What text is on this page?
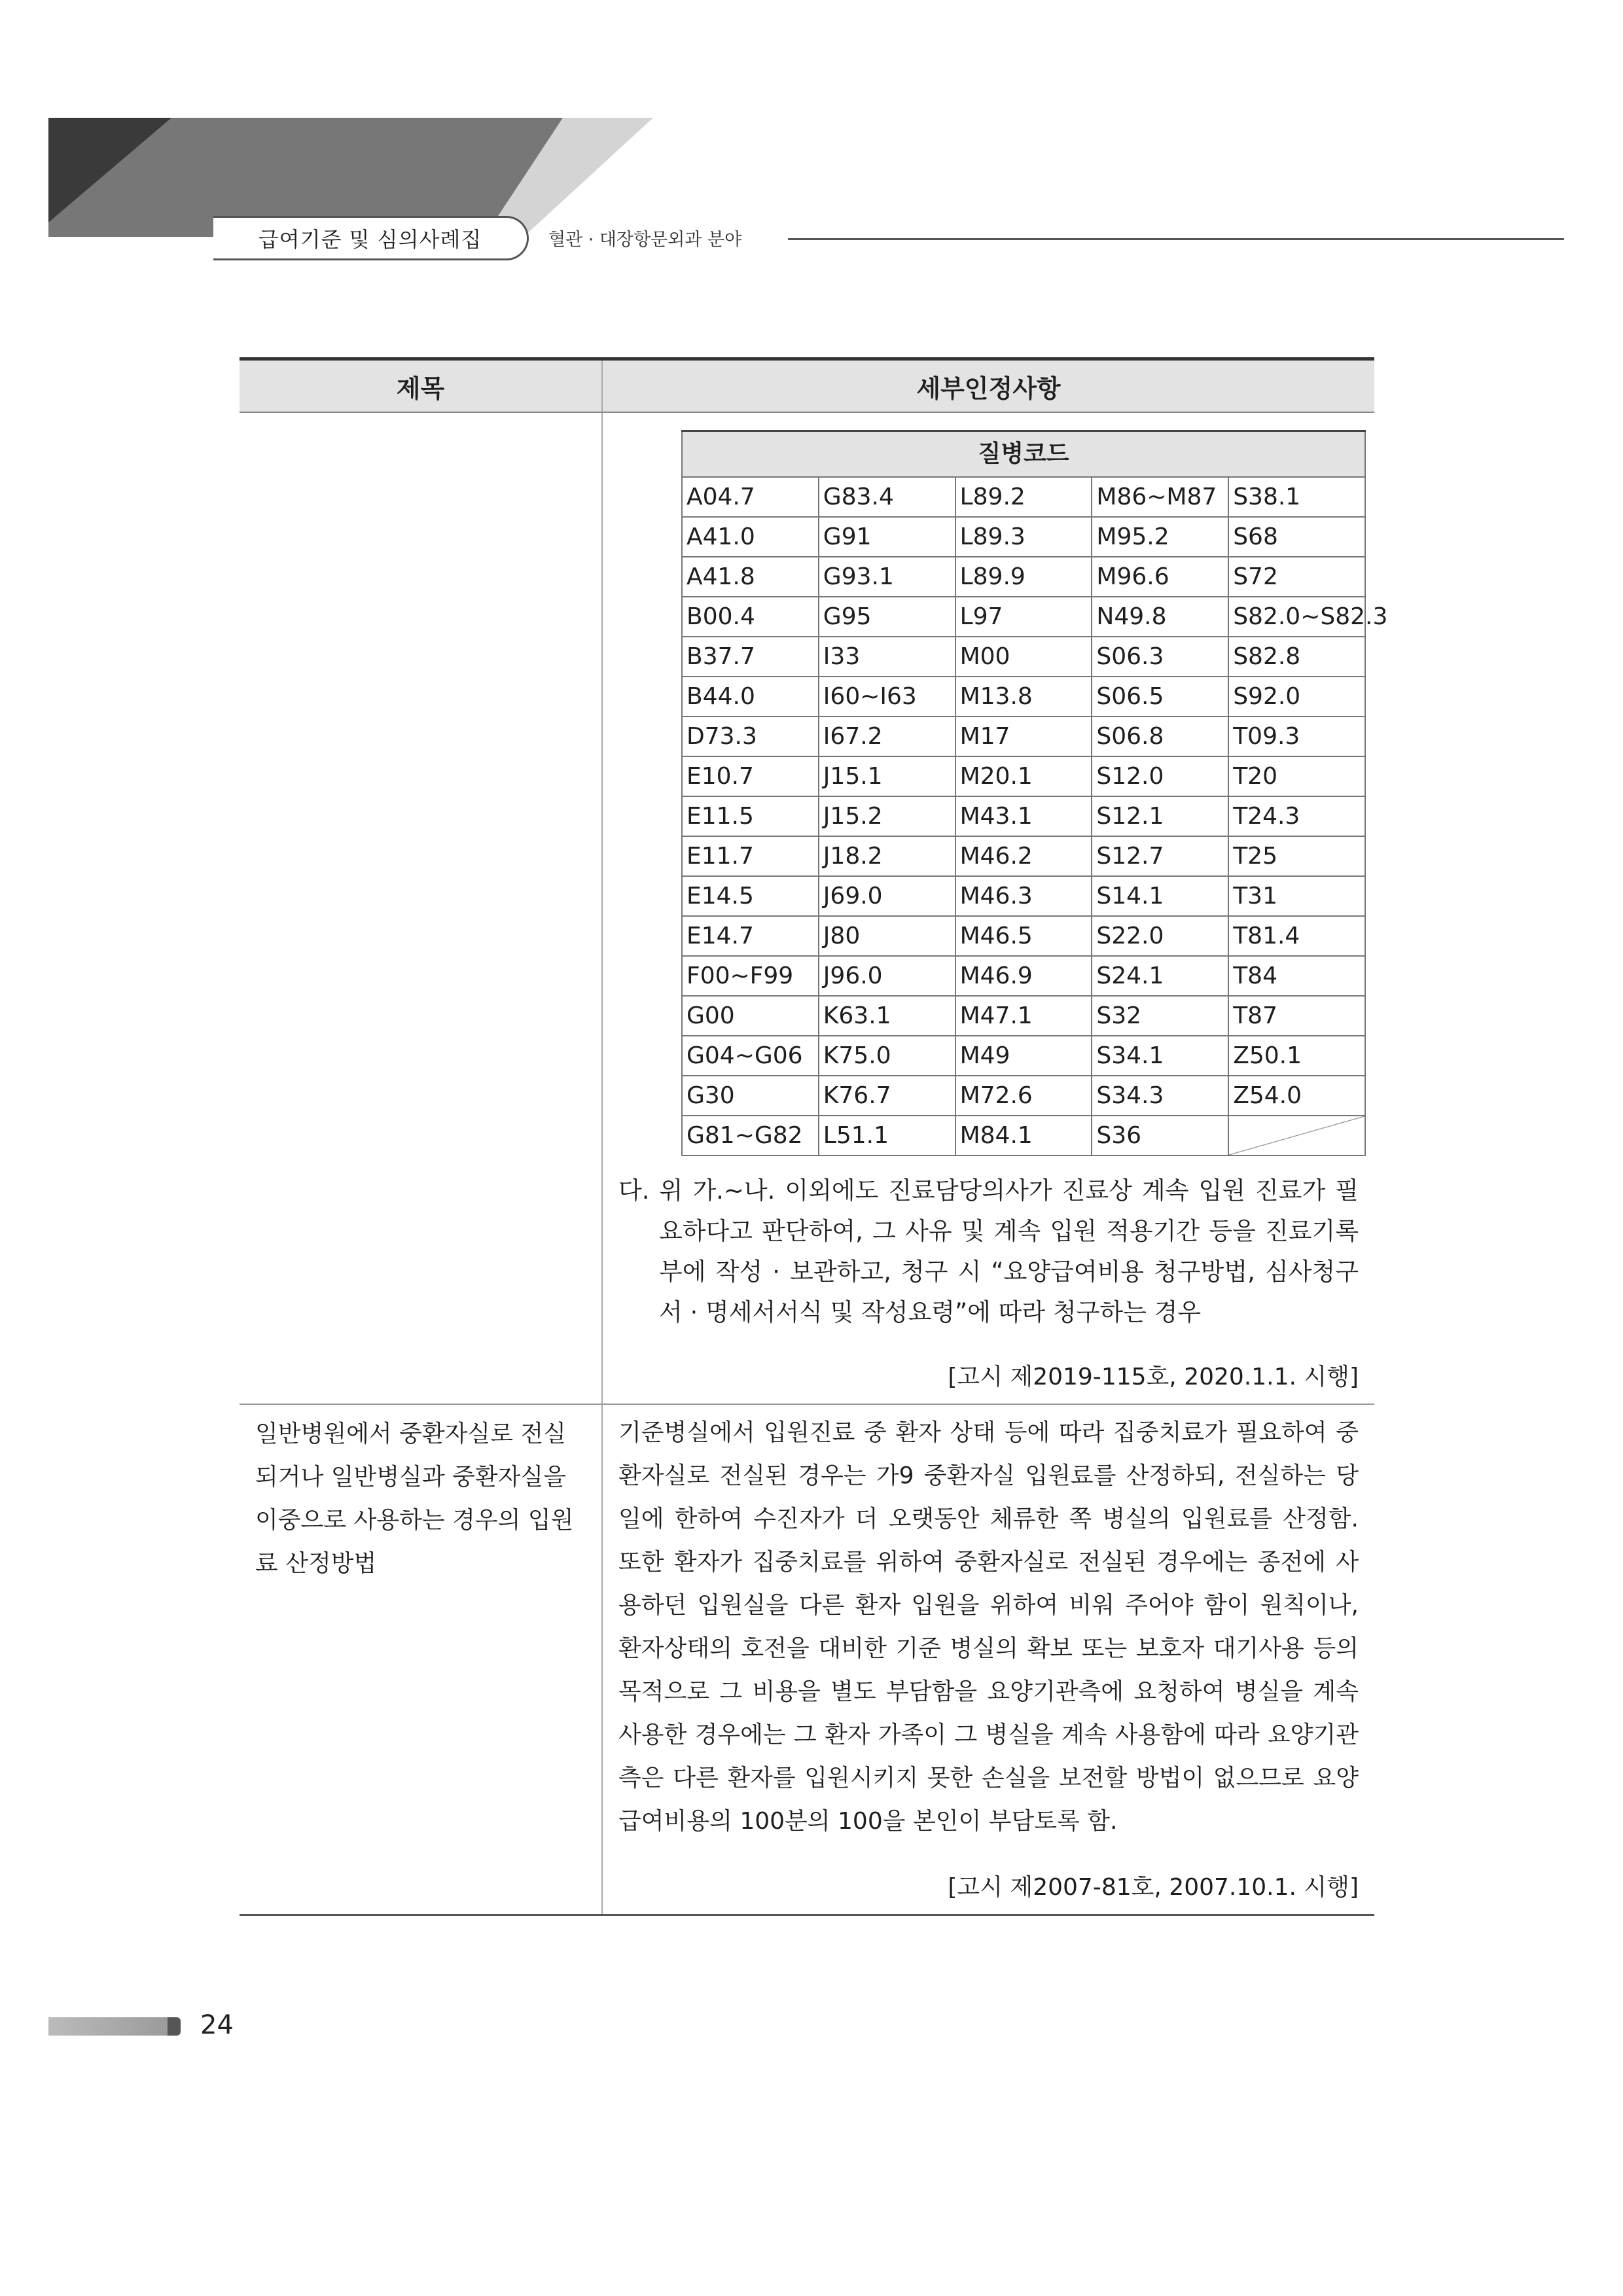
급여기준 및 심의사례집	혈관 · 대장항문외과 분야
제목	세부인정사항

질병코드
A04.7	G83.4	L89.2	M86~M87	S38.1
A41.0	G91	L89.3	M95.2	S68
A41.8	G93.1	L89.9	M96.6	S72
B00.4	G95	L97	N49.8	S82.0~S82.3
B37.7	I33	M00	S06.3	S82.8
B44.0	I60~I63	M13.8	S06.5	S92.0
D73.3	I67.2	M17	S06.8	T09.3
E10.7	J15.1	M20.1	S12.0	T20
E11.5	J15.2	M43.1	S12.1	T24.3
E11.7	J18.2	M46.2	S12.7	T25
E14.5	J69.0	M46.3	S14.1	T31
E14.7	J80	M46.5	S22.0	T81.4
F00~F99	J96.0	M46.9	S24.1	T84
G00	K63.1	M47.1	S32	T87
G04~G06	K75.0	M49	S34.1	Z50.1
G30	K76.7	M72.6	S34.3	Z54.0
G81~G82	L51.1	M84.1	S36	
다. 위 가.~나. 이외에도 진료담당의사가 진료상 계속 입원 진료가 필요하다고 판단하여, 그 사유 및 계속 입원 적용기간 등을 진료기록부에 작성 · 보관하고, 청구 시 “요양급여비용 청구방법, 심사청구서 · 명세서서식 및 작성요령”에 따라 청구하는 경우
[고시 제2019-115호, 2020.1.1. 시행]

일반병원에서 중환자실로 전실되거나 일반병실과 중환자실을 이중으로 사용하는 경우의 입원료 산정방법

기준병실에서 입원진료 중 환자 상태 등에 따라 집중치료가 필요하여 중환자실로 전실된 경우는 가9 중환자실 입원료를 산정하되, 전실하는 당일에 한하여 수진자가 더 오랫동안 체류한 쪽 병실의 입원료를 산정함. 또한 환자가 집중치료를 위하여 중환자실로 전실된 경우에는 종전에 사용하던 입원실을 다른 환자 입원을 위하여 비워 주어야 함이 원칙이나, 환자상태의 호전을 대비한 기준 병실의 확보 또는 보호자 대기사용 등의 목적으로 그 비용을 별도 부담함을 요양기관측에 요청하여 병실을 계속 사용한 경우에는 그 환자 가족이 그 병실을 계속 사용함에 따라 요양기관측은 다른 환자를 입원시키지 못한 손실을 보전할 방법이 없으므로 요양급여비용의 100분의 100을 본인이 부담토록 함.
[고시 제2007-81호, 2007.10.1. 시행]
24
